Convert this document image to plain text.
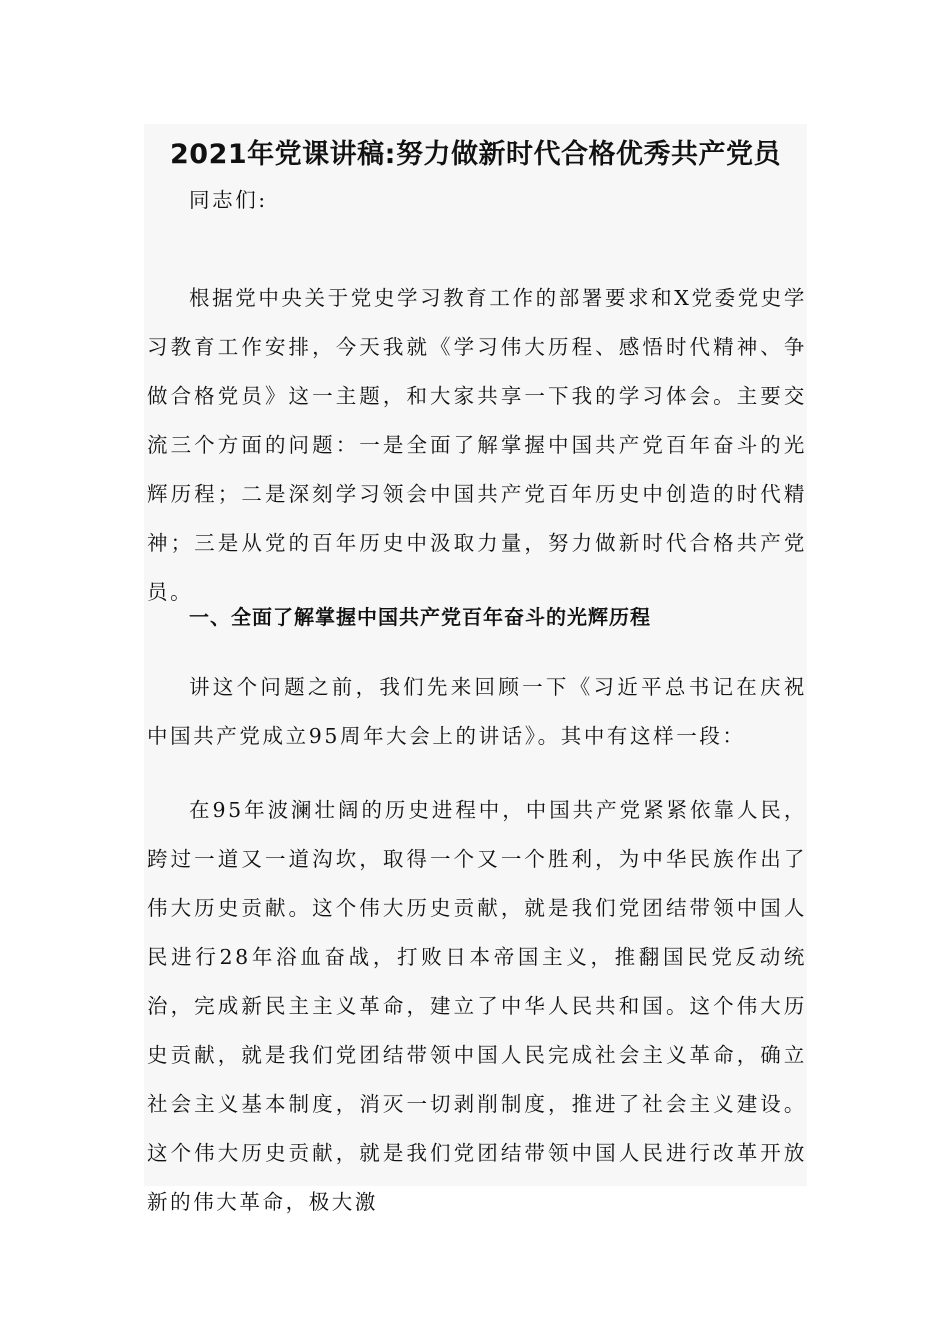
2021年党课讲稿:努力做新时代合格优秀共产党员

同志们:

根据党中央关于党史学习教育工作的部署要求和X党委党史学习教育工作安排，今天我就《学习伟大历程、感悟时代精神、争做合格党员》这一主题，和大家共享一下我的学习体会。主要交流三个方面的问题：一是全面了解掌握中国共产党百年奋斗的光辉历程；二是深刻学习领会中国共产党百年历史中创造的时代精神；三是从党的百年历史中汲取力量，努力做新时代合格共产党员。

一、全面了解掌握中国共产党百年奋斗的光辉历程

讲这个问题之前，我们先来回顾一下《习近平总书记在庆祝中国共产党成立95周年大会上的讲话》。其中有这样一段：

在95年波澜壮阔的历史进程中，中国共产党紧紧依靠人民，跨过一道又一道沟坎，取得一个又一个胜利，为中华民族作出了伟大历史贡献。这个伟大历史贡献，就是我们党团结带领中国人民进行28年浴血奋战，打败日本帝国主义，推翻国民党反动统治，完成新民主主义革命，建立了中华人民共和国。这个伟大历史贡献，就是我们党团结带领中国人民完成社会主义革命，确立社会主义基本制度，消灭一切剥削制度，推进了社会主义建设。这个伟大历史贡献，就是我们党团结带领中国人民进行改革开放新的伟大革命，极大激
